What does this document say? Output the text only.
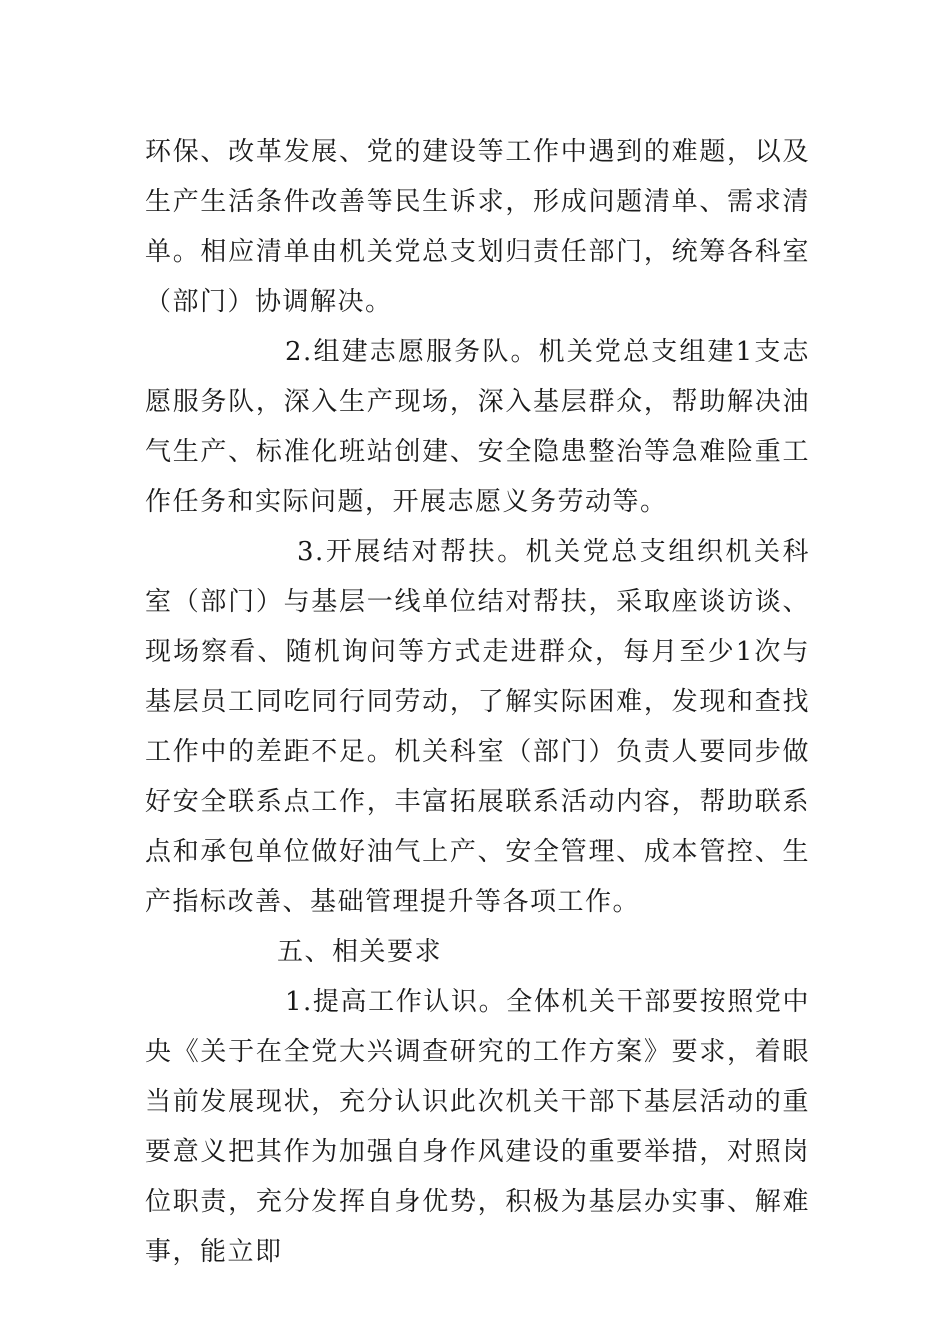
环保、改革发展、党的建设等工作中遇到的难题，以及生产生活条件改善等民生诉求，形成问题清单、需求清单。相应清单由机关党总支划归责任部门，统筹各科室（部门）协调解决。

2.组建志愿服务队。机关党总支组建1支志愿服务队，深入生产现场，深入基层群众，帮助解决油气生产、标准化班站创建、安全隐患整治等急难险重工作任务和实际问题，开展志愿义务劳动等。

3.开展结对帮扶。机关党总支组织机关科室（部门）与基层一线单位结对帮扶，采取座谈访谈、现场察看、随机询问等方式走进群众，每月至少1次与基层员工同吃同行同劳动，了解实际困难，发现和查找工作中的差距不足。机关科室（部门）负责人要同步做好安全联系点工作，丰富拓展联系活动内容，帮助联系点和承包单位做好油气上产、安全管理、成本管控、生产指标改善、基础管理提升等各项工作。

五、相关要求

1.提高工作认识。全体机关干部要按照党中央《关于在全党大兴调查研究的工作方案》要求，着眼当前发展现状，充分认识此次机关干部下基层活动的重要意义把其作为加强自身作风建设的重要举措，对照岗位职责，充分发挥自身优势，积极为基层办实事、解难事，能立即
